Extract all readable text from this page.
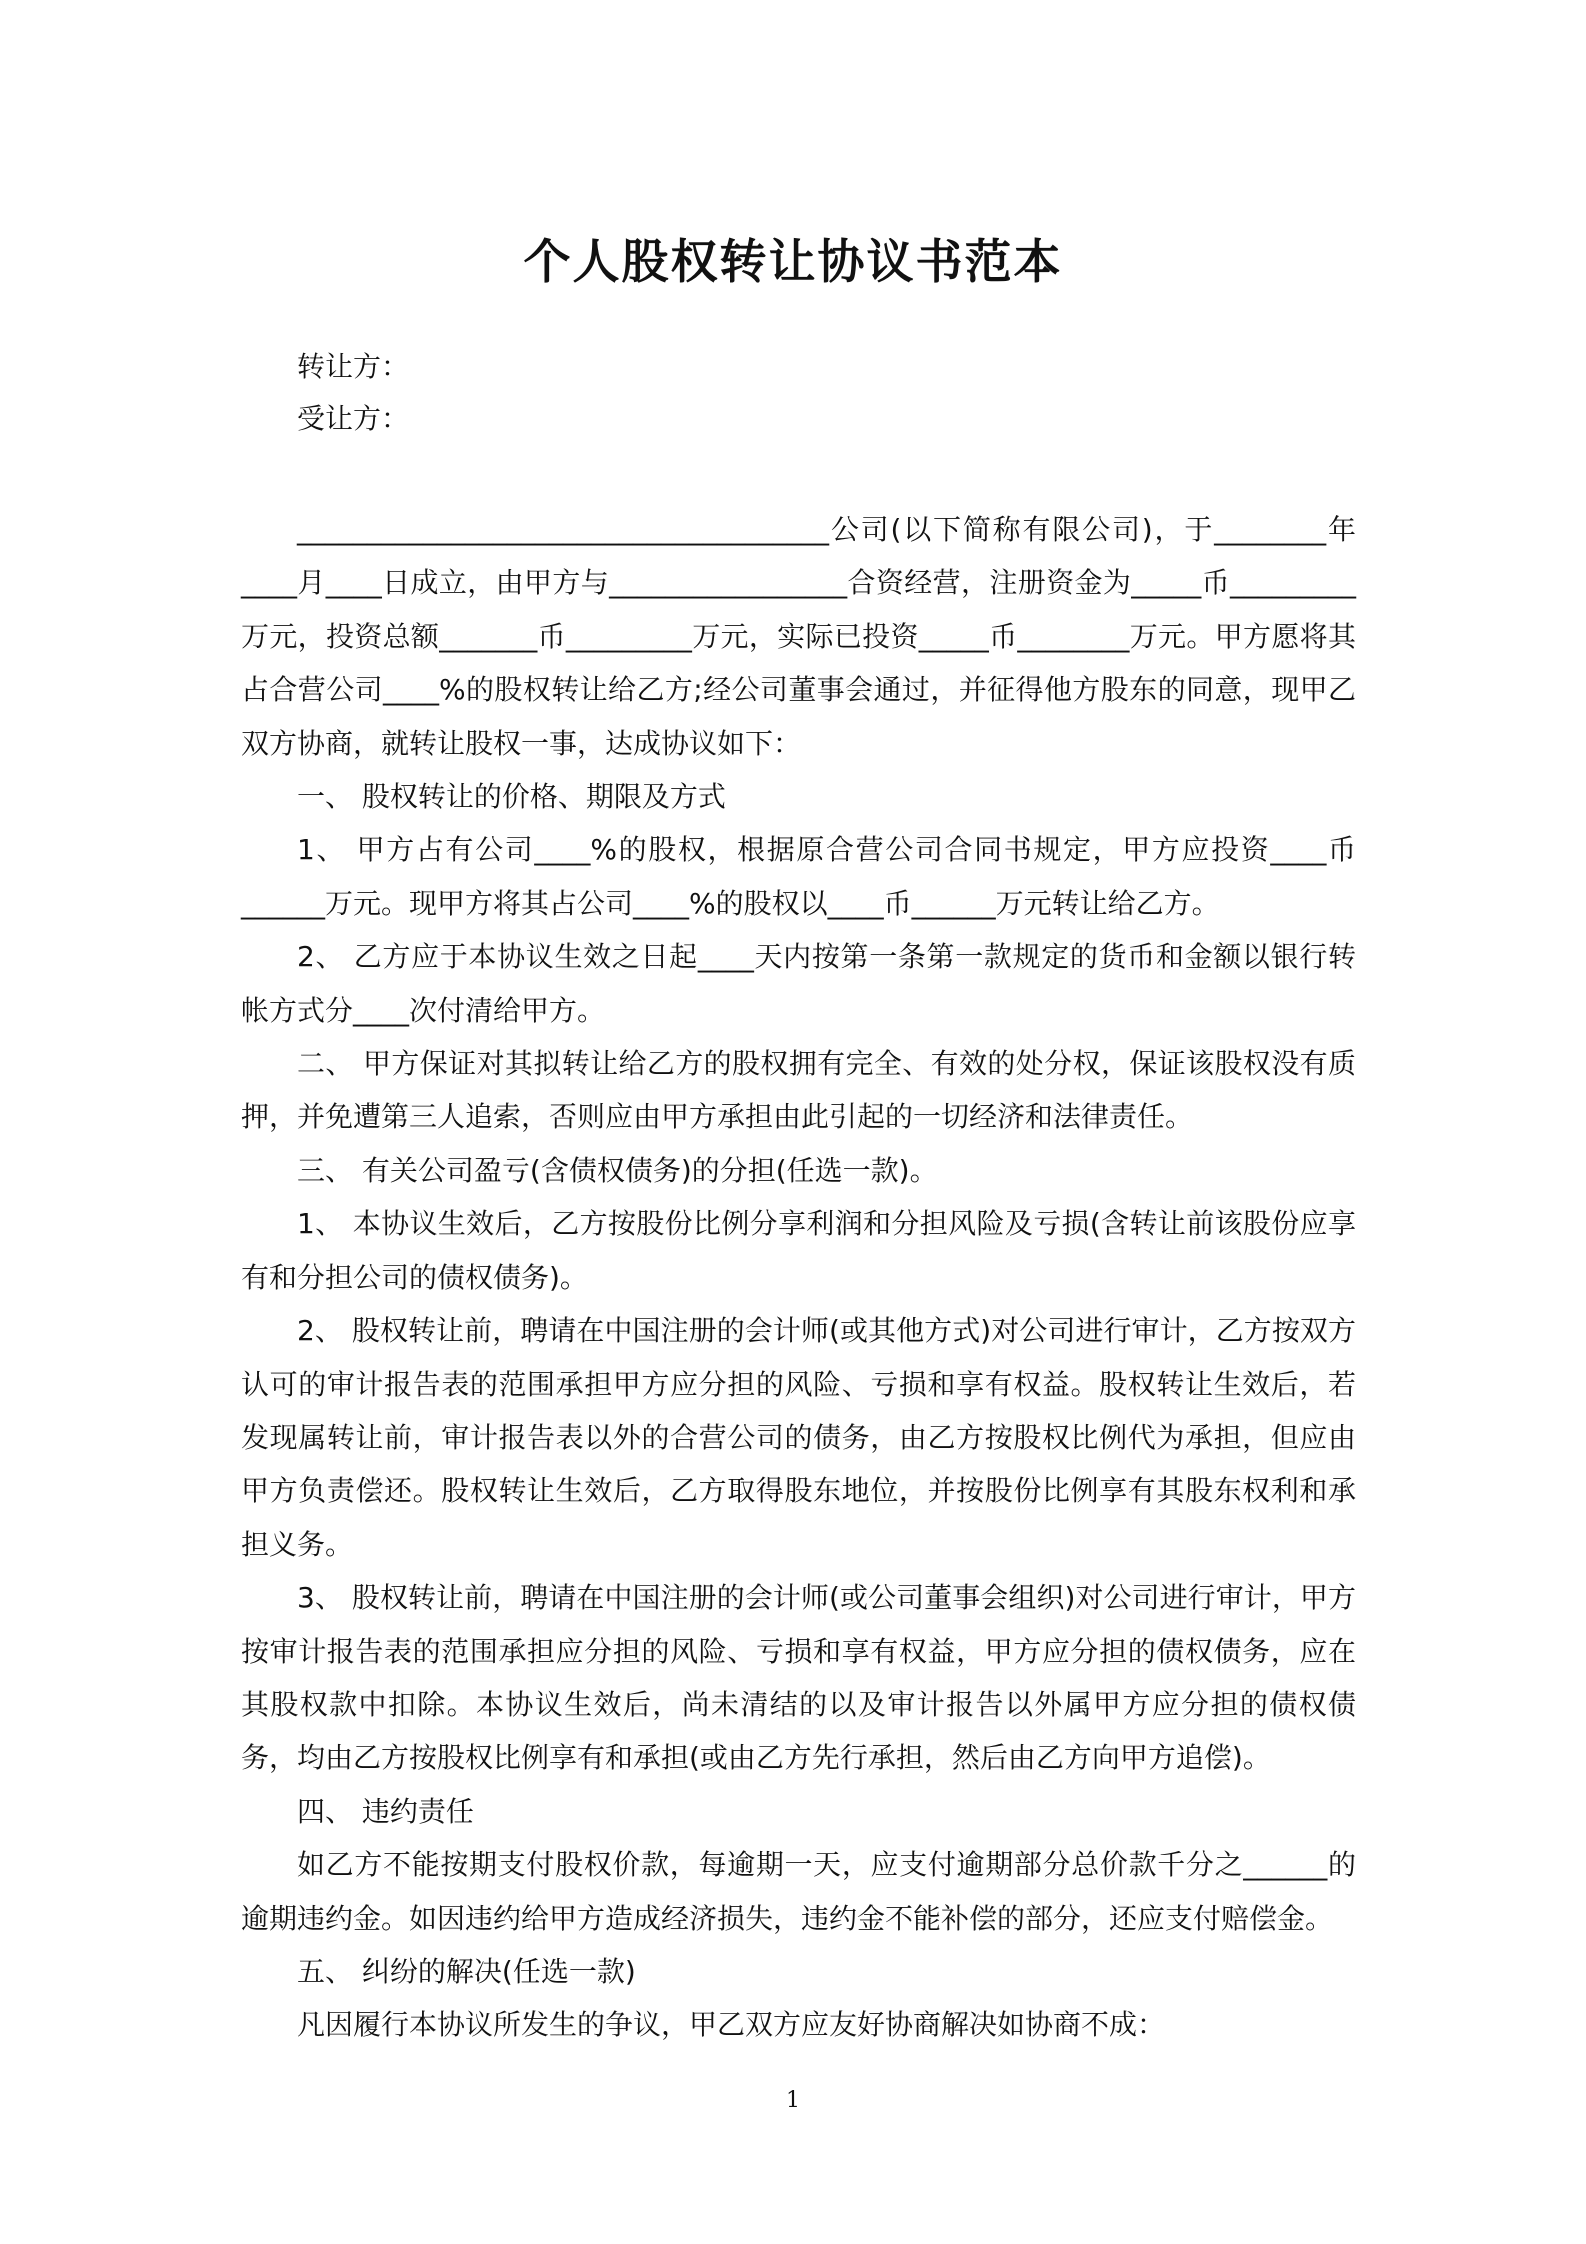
个人股权转让协议书范本
转让方：
受让方：

______________________________________公司(以下简称有限公司)，于________年____月____日成立，由甲方与_________________合资经营，注册资金为_____币_________万元，投资总额_______币_________万元，实际已投资_____币________万元。甲方愿将其占合营公司____%的股权转让给乙方;经公司董事会通过，并征得他方股东的同意，现甲乙双方协商，就转让股权一事，达成协议如下：

一、 股权转让的价格、期限及方式

1、 甲方占有公司____%的股权，根据原合营公司合同书规定，甲方应投资____币______万元。现甲方将其占公司____%的股权以____币______万元转让给乙方。

2、 乙方应于本协议生效之日起____天内按第一条第一款规定的货币和金额以银行转帐方式分____次付清给甲方。

二、 甲方保证对其拟转让给乙方的股权拥有完全、有效的处分权，保证该股权没有质押，并免遭第三人追索，否则应由甲方承担由此引起的一切经济和法律责任。

三、 有关公司盈亏(含债权债务)的分担(任选一款)。

1、 本协议生效后，乙方按股份比例分享利润和分担风险及亏损(含转让前该股份应享有和分担公司的债权债务)。

2、 股权转让前，聘请在中国注册的会计师(或其他方式)对公司进行审计，乙方按双方认可的审计报告表的范围承担甲方应分担的风险、亏损和享有权益。股权转让生效后，若发现属转让前，审计报告表以外的合营公司的债务，由乙方按股权比例代为承担，但应由甲方负责偿还。股权转让生效后，乙方取得股东地位，并按股份比例享有其股东权利和承担义务。

3、 股权转让前，聘请在中国注册的会计师(或公司董事会组织)对公司进行审计，甲方按审计报告表的范围承担应分担的风险、亏损和享有权益，甲方应分担的债权债务，应在其股权款中扣除。本协议生效后，尚未清结的以及审计报告以外属甲方应分担的债权债务，均由乙方按股权比例享有和承担(或由乙方先行承担，然后由乙方向甲方追偿)。

四、 违约责任

如乙方不能按期支付股权价款，每逾期一天，应支付逾期部分总价款千分之______的逾期违约金。如因违约给甲方造成经济损失，违约金不能补偿的部分，还应支付赔偿金。

五、 纠纷的解决(任选一款)

凡因履行本协议所发生的争议，甲乙双方应友好协商解决如协商不成：

1
